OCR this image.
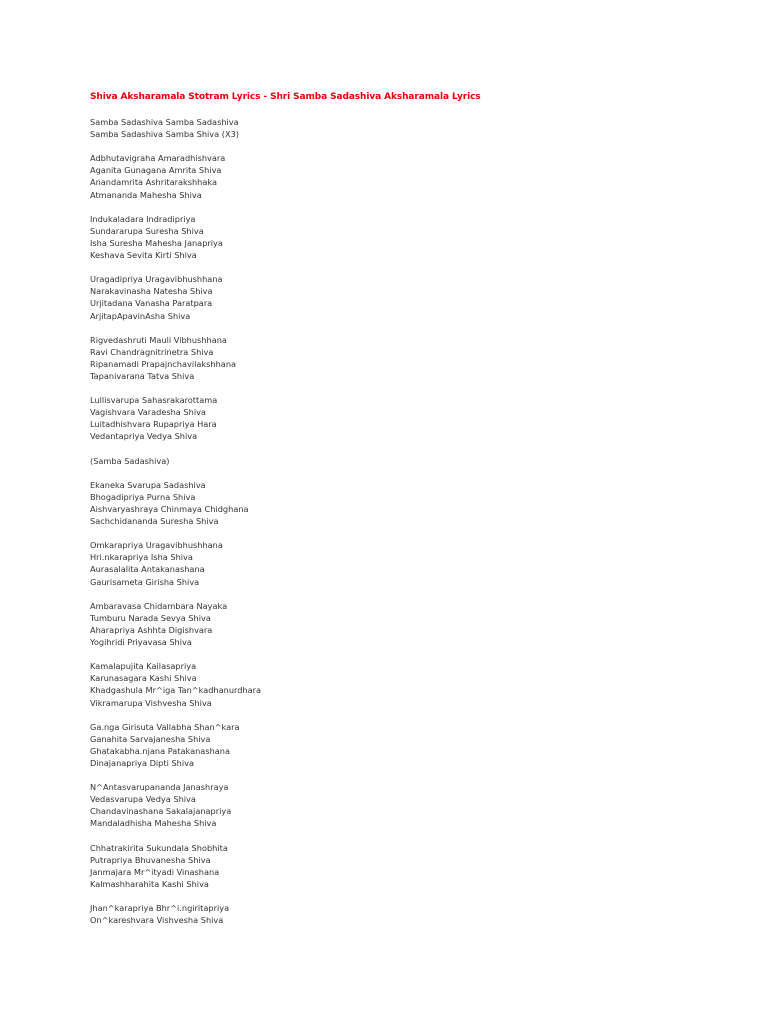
Shiva Aksharamala Stotram Lyrics - Shri Samba Sadashiva Aksharamala Lyrics
Samba Sadashiva Samba Sadashiva
Samba Sadashiva Samba Shiva (X3)
Adbhutavigraha Amaradhishvara
Aganita Gunagana Amrita Shiva
Anandamrita Ashritarakshhaka
Atmananda Mahesha Shiva
Indukaladara Indradipriya
Sundararupa Suresha Shiva
Isha Suresha Mahesha Janapriya
Keshava Sevita Kirti Shiva
Uragadipriya Uragavibhushhana
Narakavinasha Natesha Shiva
Urjitadana Vanasha Paratpara
ArjitapApavinAsha Shiva
Rigvedashruti Mauli Vibhushhana
Ravi Chandragnitrinetra Shiva
Ripanamadi Prapajnchavilakshhana
Tapanivarana Tatva Shiva
Lullisvarupa Sahasrakarottama
Vagishvara Varadesha Shiva
Luitadhishvara Rupapriya Hara
Vedantapriya Vedya Shiva
(Samba Sadashiva)
Ekaneka Svarupa Sadashiva
Bhogadipriya Purna Shiva
Aishvaryashraya Chinmaya Chidghana
Sachchidananda Suresha Shiva
Omkarapriya Uragavibhushhana
Hri.nkarapriya Isha Shiva
Aurasalalita Antakanashana
Gaurisameta Girisha Shiva
Ambaravasa Chidambara Nayaka
Tumburu Narada Sevya Shiva
Aharapriya Ashhta Digishvara
Yogihridi Priyavasa Shiva
Kamalapujita Kailasapriya
Karunasagara Kashi Shiva
Khadgashula Mr^iga Tan^kadhanurdhara
Vikramarupa Vishvesha Shiva
Ga.nga Girisuta Vallabha Shan^kara
Ganahita Sarvajanesha Shiva
Ghatakabha.njana Patakanashana
Dinajanapriya Dipti Shiva
N^Antasvarupananda Janashraya
Vedasvarupa Vedya Shiva
Chandavinashana Sakalajanapriya
Mandaladhisha Mahesha Shiva
Chhatrakirita Sukundala Shobhita
Putrapriya Bhuvanesha Shiva
Janmajara Mr^ityadi Vinashana
Kalmashharahita Kashi Shiva
Jhan^karapriya Bhr^i.ngiritapriya
On^kareshvara Vishvesha Shiva
